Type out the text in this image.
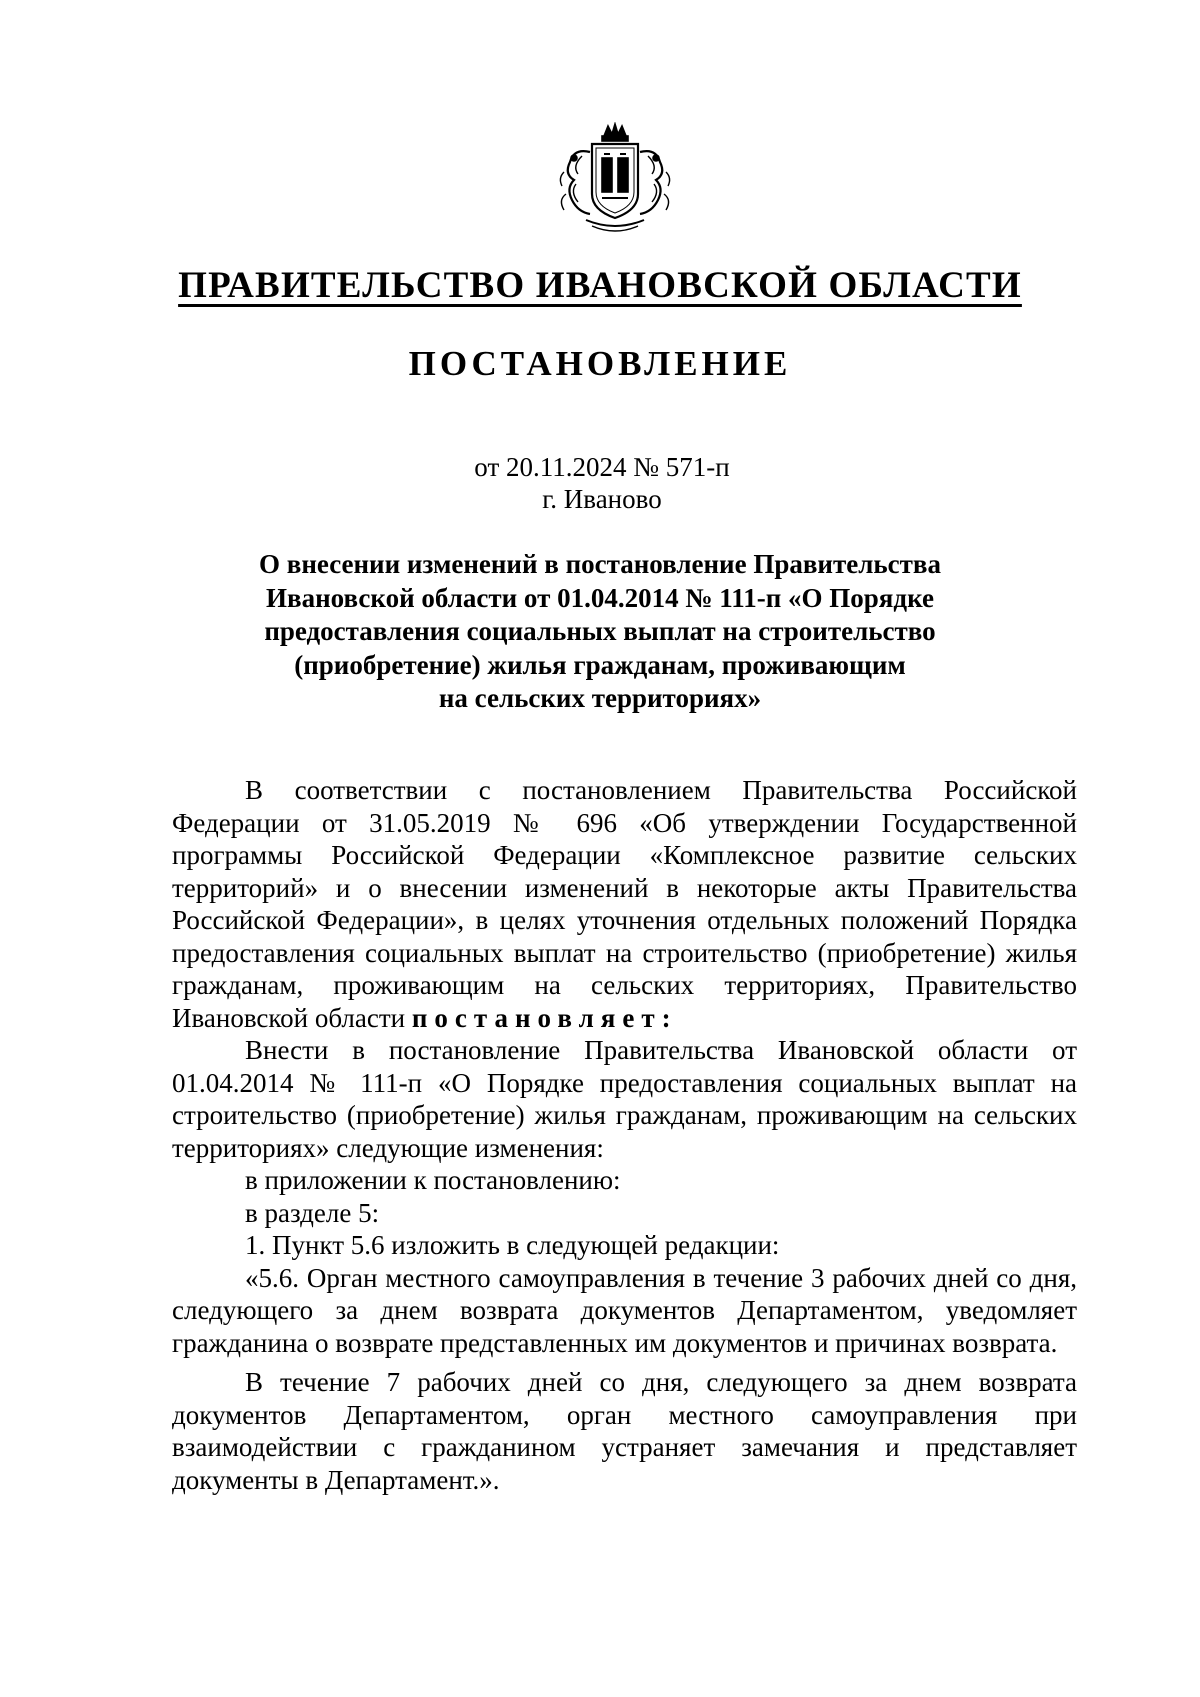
ПРАВИТЕЛЬСТВО ИВАНОВСКОЙ ОБЛАСТИ
ПОСТАНОВЛЕНИЕ
от 20.11.2024 № 571-п
г. Иваново
О внесении изменений в постановление Правительства
Ивановской области от 01.04.2014 № 111-п «О Порядке
предоставления социальных выплат на строительство
(приобретение) жилья гражданам, проживающим
на сельских территориях»

В соответствии с постановлением Правительства Российской Федерации от 31.05.2019 № 696 «Об утверждении Государственной программы Российской Федерации «Комплексное развитие сельских территорий» и о внесении изменений в некоторые акты Правительства Российской Федерации», в целях уточнения отдельных положений Порядка предоставления социальных выплат на строительство (приобретение) жилья гражданам, проживающим на сельских территориях, Правительство Ивановской области постановляет:

Внести в постановление Правительства Ивановской области от 01.04.2014 № 111-п «О Порядке предоставления социальных выплат на строительство (приобретение) жилья гражданам, проживающим на сельских территориях» следующие изменения:

в приложении к постановлению:

в разделе 5:

1. Пункт 5.6 изложить в следующей редакции:

«5.6. Орган местного самоуправления в течение 3 рабочих дней со дня, следующего за днем возврата документов Департаментом, уведомляет гражданина о возврате представленных им документов и причинах возврата.

В течение 7 рабочих дней со дня, следующего за днем возврата документов Департаментом, орган местного самоуправления при взаимодействии с гражданином устраняет замечания и представляет документы в Департамент.».
